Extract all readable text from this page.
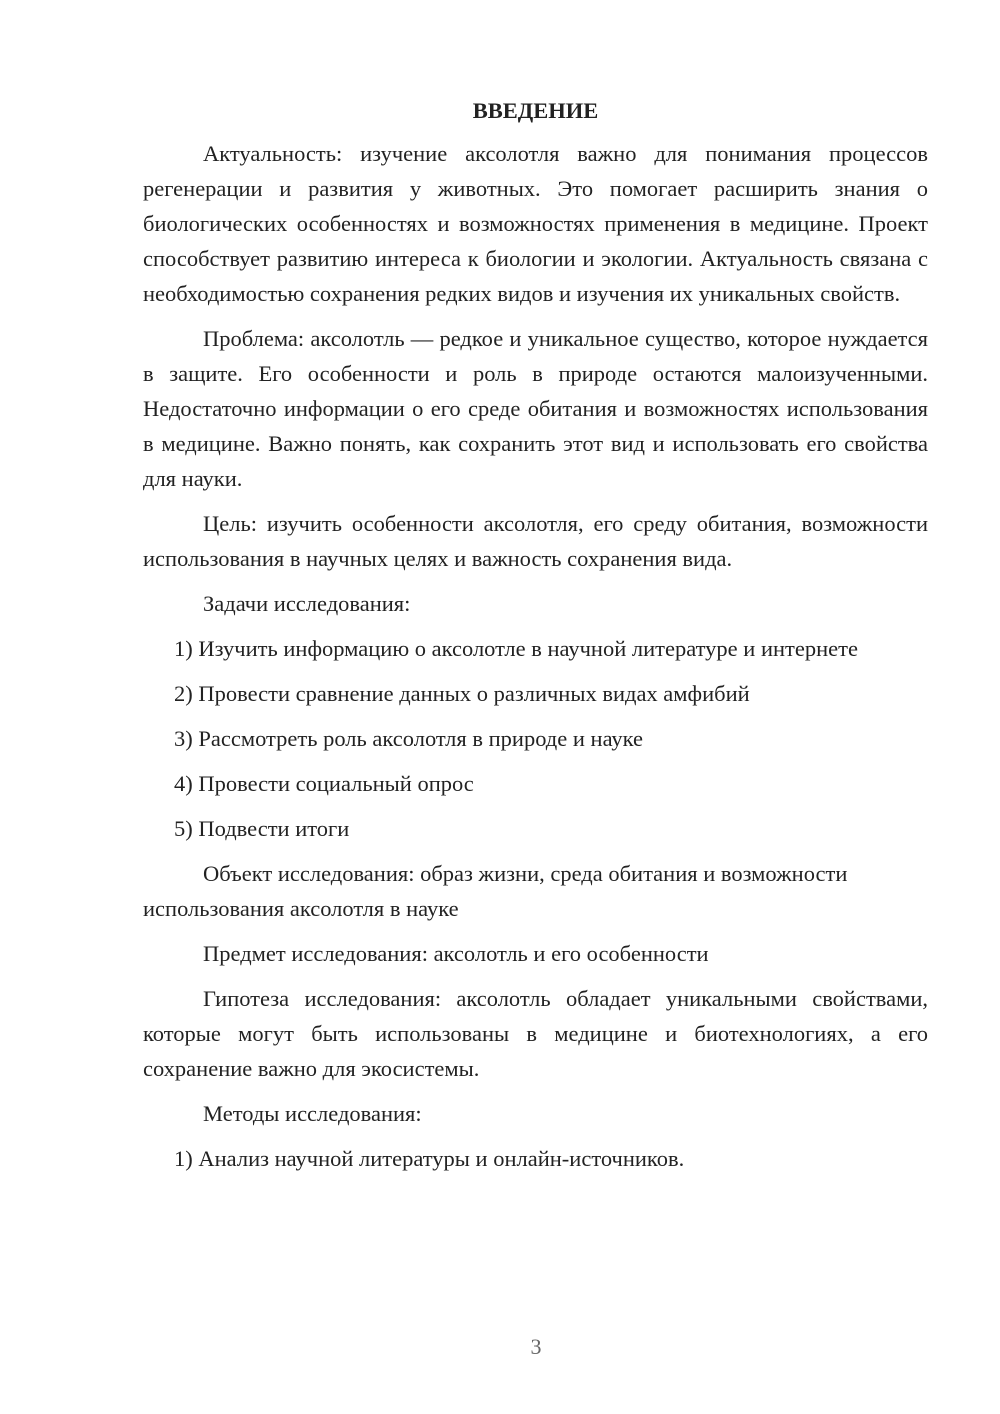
ВВЕДЕНИЕ

Актуальность: изучение аксолотля важно для понимания процессов регенерации и развития у животных. Это помогает расширить знания о биологических особенностях и возможностях применения в медицине. Проект способствует развитию интереса к биологии и экологии. Актуальность связана с необходимостью сохранения редких видов и изучения их уникальных свойств.

Проблема: аксолотль — редкое и уникальное существо, которое нуждается в защите. Его особенности и роль в природе остаются малоизученными. Недостаточно информации о его среде обитания и возможностях использования в медицине. Важно понять, как сохранить этот вид и использовать его свойства для науки.

Цель: изучить особенности аксолотля, его среду обитания, возможности использования в научных целях и важность сохранения вида.

Задачи исследования:

1) Изучить информацию о аксолотле в научной литературе и интернете

2) Провести сравнение данных о различных видах амфибий

3) Рассмотреть роль аксолотля в природе и науке

4) Провести социальный опрос

5) Подвести итоги

Объект исследования: образ жизни, среда обитания и возможности использования аксолотля в науке

Предмет исследования: аксолотль и его особенности

Гипотеза исследования: аксолотль обладает уникальными свойствами, которые могут быть использованы в медицине и биотехнологиях, а его сохранение важно для экосистемы.

Методы исследования:

1) Анализ научной литературы и онлайн-источников.

3
